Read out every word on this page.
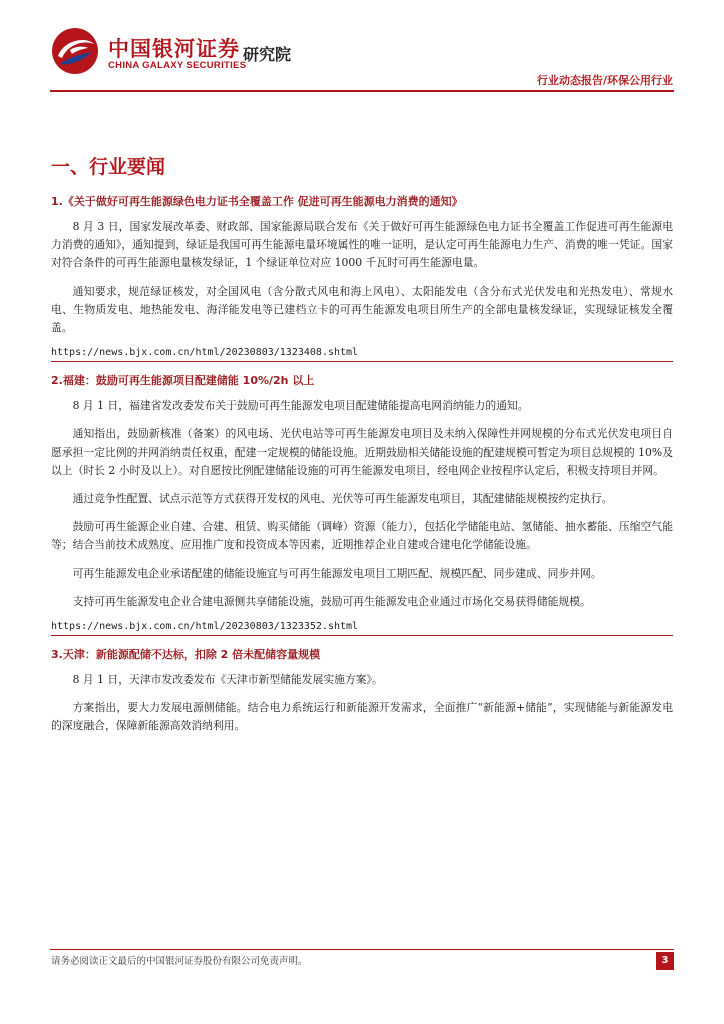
中国银河证券
CHINA GALAXY SECURITIES
研究院
行业动态报告/环保公用行业
一、行业要闻
1.《关于做好可再生能源绿色电力证书全覆盖工作 促进可再生能源电力消费的通知》

8 月 3 日，国家发展改革委、财政部、国家能源局联合发布《关于做好可再生能源绿色电力证书全覆盖工作促进可再生能源电力消费的通知》，通知提到，绿证是我国可再生能源电量环境属性的唯一证明，是认定可再生能源电力生产、消费的唯一凭证。国家对符合条件的可再生能源电量核发绿证，1 个绿证单位对应 1000 千瓦时可再生能源电量。

通知要求，规范绿证核发，对全国风电（含分散式风电和海上风电）、太阳能发电（含分布式光伏发电和光热发电）、常规水电、生物质发电、地热能发电、海洋能发电等已建档立卡的可再生能源发电项目所生产的全部电量核发绿证，实现绿证核发全覆盖。

https://news.bjx.com.cn/html/20230803/1323408.shtml
2.福建：鼓励可再生能源项目配建储能 10%/2h 以上

8 月 1 日，福建省发改委发布关于鼓励可再生能源发电项目配建储能提高电网消纳能力的通知。

通知指出，鼓励新核准（备案）的风电场、光伏电站等可再生能源发电项目及未纳入保障性并网规模的分布式光伏发电项目自愿承担一定比例的并网消纳责任权重，配建一定规模的储能设施。近期鼓励相关储能设施的配建规模可暂定为项目总规模的 10%及以上（时长 2 小时及以上）。对自愿按比例配建储能设施的可再生能源发电项目，经电网企业按程序认定后，积极支持项目并网。

通过竞争性配置、试点示范等方式获得开发权的风电、光伏等可再生能源发电项目，其配建储能规模按约定执行。

鼓励可再生能源企业自建、合建、租赁、购买储能（调峰）资源（能力），包括化学储能电站、氢储能、抽水蓄能、压缩空气能等；结合当前技术成熟度、应用推广度和投资成本等因素，近期推荐企业自建或合建电化学储能设施。

可再生能源发电企业承诺配建的储能设施宜与可再生能源发电项目工期匹配、规模匹配、同步建成、同步并网。

支持可再生能源发电企业合建电源侧共享储能设施，鼓励可再生能源发电企业通过市场化交易获得储能规模。

https://news.bjx.com.cn/html/20230803/1323352.shtml
3.天津：新能源配储不达标，扣除 2 倍未配储容量规模

8 月 1 日，天津市发改委发布《天津市新型储能发展实施方案》。

方案指出，要大力发展电源侧储能。结合电力系统运行和新能源开发需求，全面推广“新能源+储能”，实现储能与新能源发电的深度融合，保障新能源高效消纳利用。

请务必阅读正文最后的中国银河证券股份有限公司免责声明。	3
